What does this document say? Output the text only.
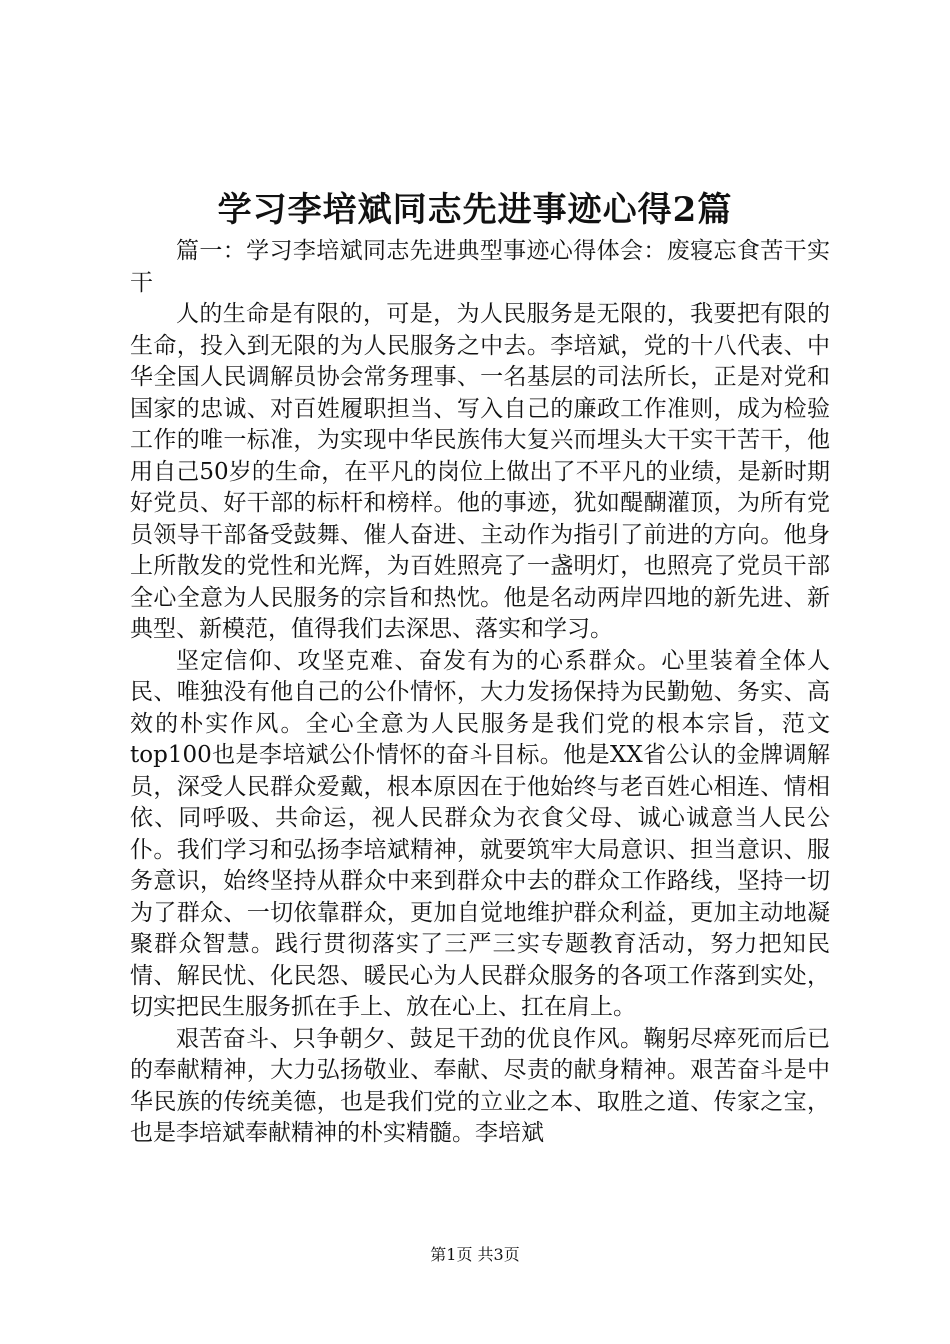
学习李培斌同志先进事迹心得2篇

篇一：学习李培斌同志先进典型事迹心得体会：废寝忘食苦干实干

人的生命是有限的，可是，为人民服务是无限的，我要把有限的生命，投入到无限的为人民服务之中去。李培斌，党的十八代表、中华全国人民调解员协会常务理事、一名基层的司法所长，正是对党和国家的忠诚、对百姓履职担当、写入自己的廉政工作准则，成为检验工作的唯一标准，为实现中华民族伟大复兴而埋头大干实干苦干，他用自己50岁的生命，在平凡的岗位上做出了不平凡的业绩，是新时期好党员、好干部的标杆和榜样。他的事迹，犹如醍醐灌顶，为所有党员领导干部备受鼓舞、催人奋进、主动作为指引了前进的方向。他身上所散发的党性和光辉，为百姓照亮了一盏明灯，也照亮了党员干部全心全意为人民服务的宗旨和热忱。他是名动两岸四地的新先进、新典型、新模范，值得我们去深思、落实和学习。

坚定信仰、攻坚克难、奋发有为的心系群众。心里装着全体人民、唯独没有他自己的公仆情怀，大力发扬保持为民勤勉、务实、高效的朴实作风。全心全意为人民服务是我们党的根本宗旨，范文top100也是李培斌公仆情怀的奋斗目标。他是XX省公认的金牌调解员，深受人民群众爱戴，根本原因在于他始终与老百姓心相连、情相依、同呼吸、共命运，视人民群众为衣食父母、诚心诚意当人民公仆。我们学习和弘扬李培斌精神，就要筑牢大局意识、担当意识、服务意识，始终坚持从群众中来到群众中去的群众工作路线，坚持一切为了群众、一切依靠群众，更加自觉地维护群众利益，更加主动地凝聚群众智慧。践行贯彻落实了三严三实专题教育活动，努力把知民情、解民忧、化民怨、暖民心为人民群众服务的各项工作落到实处，切实把民生服务抓在手上、放在心上、扛在肩上。

艰苦奋斗、只争朝夕、鼓足干劲的优良作风。鞠躬尽瘁死而后已的奉献精神，大力弘扬敬业、奉献、尽责的献身精神。艰苦奋斗是中华民族的传统美德，也是我们党的立业之本、取胜之道、传家之宝，也是李培斌奉献精神的朴实精髓。李培斌

第1页 共3页
